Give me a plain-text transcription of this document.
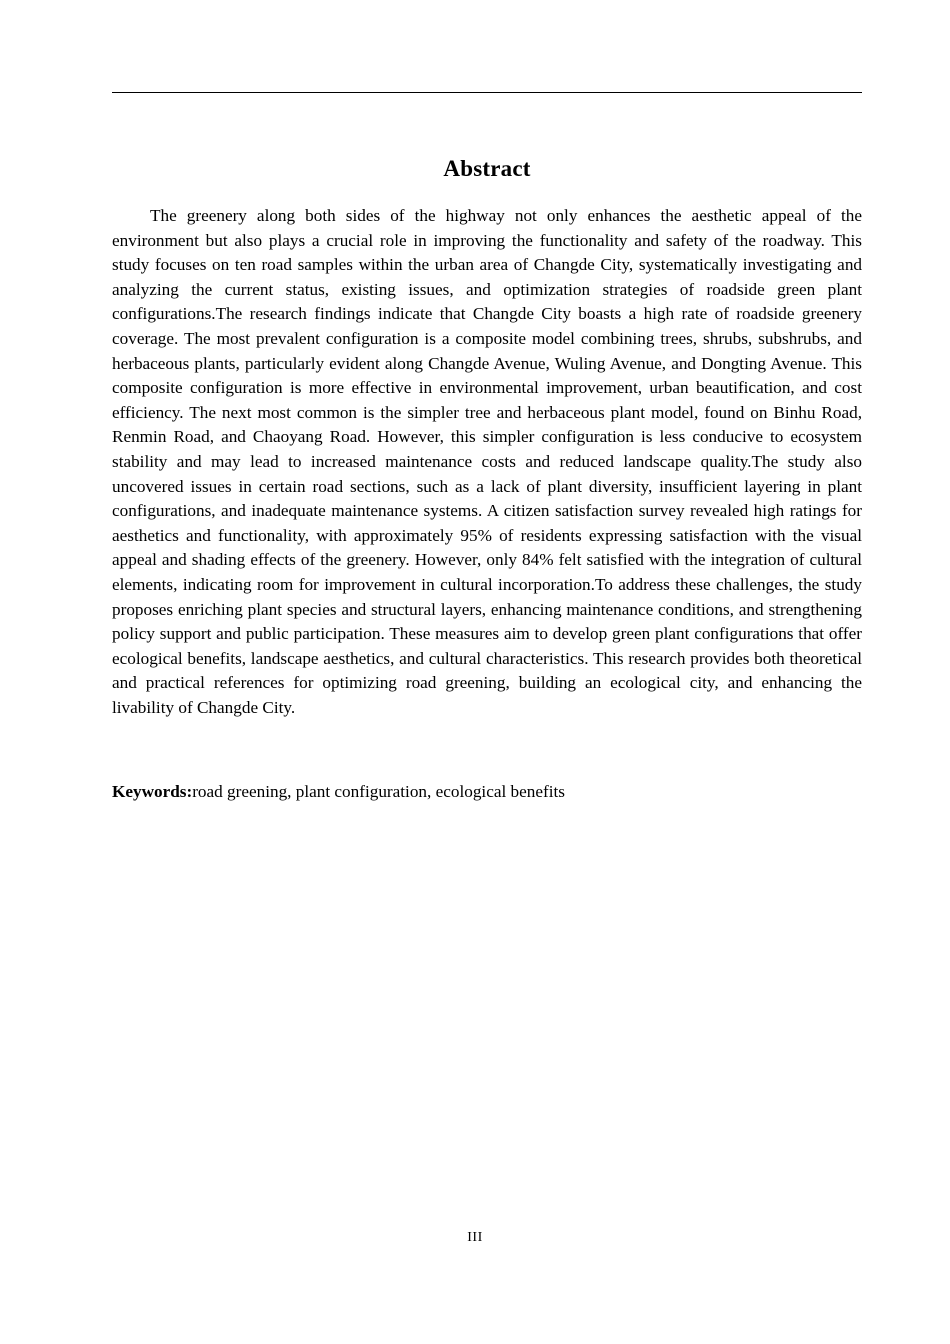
Abstract

The greenery along both sides of the highway not only enhances the aesthetic appeal of the environment but also plays a crucial role in improving the functionality and safety of the roadway. This study focuses on ten road samples within the urban area of Changde City, systematically investigating and analyzing the current status, existing issues, and optimization strategies of roadside green plant configurations.The research findings indicate that Changde City boasts a high rate of roadside greenery coverage. The most prevalent configuration is a composite model combining trees, shrubs, subshrubs, and herbaceous plants, particularly evident along Changde Avenue, Wuling Avenue, and Dongting Avenue. This composite configuration is more effective in environmental improvement, urban beautification, and cost efficiency. The next most common is the simpler tree and herbaceous plant model, found on Binhu Road, Renmin Road, and Chaoyang Road. However, this simpler configuration is less conducive to ecosystem stability and may lead to increased maintenance costs and reduced landscape quality.The study also uncovered issues in certain road sections, such as a lack of plant diversity, insufficient layering in plant configurations, and inadequate maintenance systems. A citizen satisfaction survey revealed high ratings for aesthetics and functionality, with approximately 95% of residents expressing satisfaction with the visual appeal and shading effects of the greenery. However, only 84% felt satisfied with the integration of cultural elements, indicating room for improvement in cultural incorporation.To address these challenges, the study proposes enriching plant species and structural layers, enhancing maintenance conditions, and strengthening policy support and public participation. These measures aim to develop green plant configurations that offer ecological benefits, landscape aesthetics, and cultural characteristics. This research provides both theoretical and practical references for optimizing road greening, building an ecological city, and enhancing the livability of Changde City.

Keywords:road greening, plant configuration, ecological benefits
III
